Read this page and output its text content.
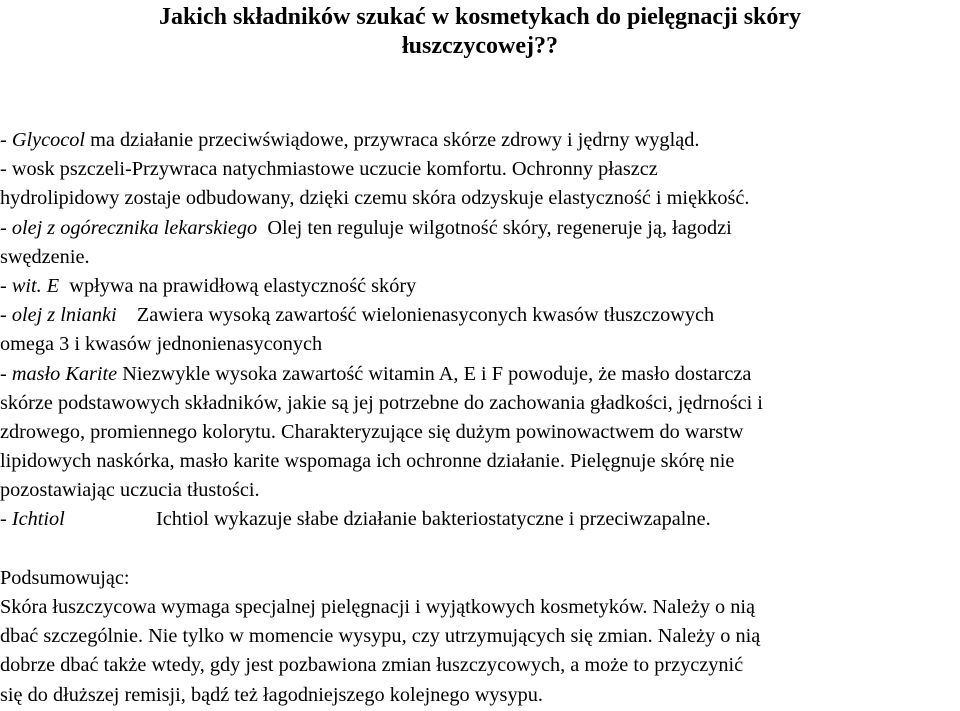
Jakich składników szukać w kosmetykach do pielęgnacji skóry
łuszczycowej??
- Glycocol ma działanie przeciwświądowe, przywraca skórze zdrowy i jędrny wygląd.
- wosk pszczeli-Przywraca natychmiastowe uczucie komfortu. Ochronny płaszcz
hydrolipidowy zostaje odbudowany, dzięki czemu skóra odzyskuje elastyczność i miękkość.
- olej z ogórecznika lekarskiego  Olej ten reguluje wilgotność skóry, regeneruje ją, łagodzi
swędzenie.
- wit. E  wpływa na prawidłową elastyczność skóry
- olej z lnianki    Zawiera wysoką zawartość wielonienasyconych kwasów tłuszczowych
omega 3 i kwasów jednonienasyconych
- masło Karite Niezwykle wysoka zawartość witamin A, E i F powoduje, że masło dostarcza
skórze podstawowych składników, jakie są jej potrzebne do zachowania gładkości, jędrności i
zdrowego, promiennego kolorytu. Charakteryzujące się dużym powinowactwem do warstw
lipidowych naskórka, masło karite wspomaga ich ochronne działanie. Pielęgnuje skórę nie
pozostawiając uczucia tłustości.
- Ichtiol	Ichtiol wykazuje słabe działanie bakteriostatyczne i przeciwzapalne.
Podsumowując:
Skóra łuszczycowa wymaga specjalnej pielęgnacji i wyjątkowych kosmetyków. Należy o nią
dbać szczególnie. Nie tylko w momencie wysypu, czy utrzymujących się zmian. Należy o nią
dobrze dbać także wtedy, gdy jest pozbawiona zmian łuszczycowych, a może to przyczynić
się do dłuższej remisji, bądź też łagodniejszego kolejnego wysypu.
